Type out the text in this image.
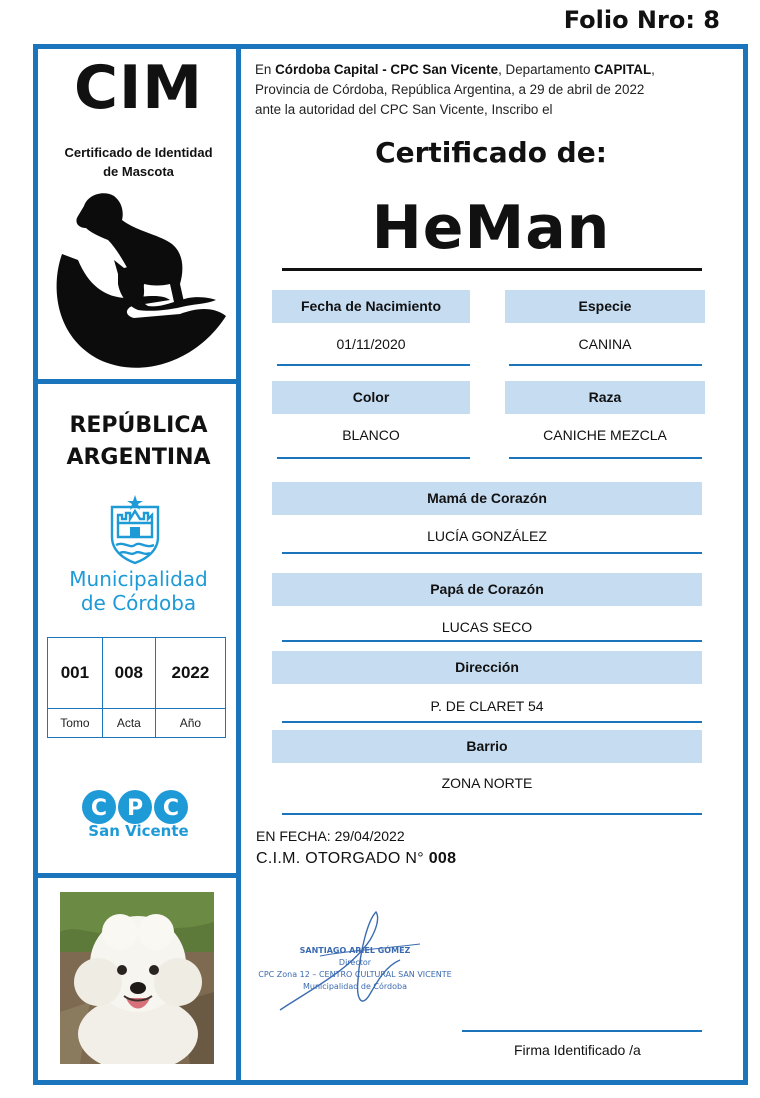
Folio Nro: 8
CIM
Certificado de Identidad
de Mascota
REPÚBLICA
ARGENTINA
Municipalidad
de Córdoba
001	008	2022
Tomo	Acta	Año
C P C
San Vicente
En Córdoba Capital - CPC San Vicente, Departamento CAPITAL,
Provincia de Córdoba, República Argentina, a 29 de abril de 2022
ante la autoridad del CPC San Vicente, Inscribo el
Certificado de:
HeMan
Fecha de Nacimiento
01/11/2020
Especie
CANINA
Color
BLANCO
Raza
CANICHE MEZCLA
Mamá de Corazón
LUCÍA GONZÁLEZ
Papá de Corazón
LUCAS SECO
Dirección
P. DE CLARET 54
Barrio
ZONA NORTE
EN FECHA: 29/04/2022
C.I.M. OTORGADO N° 008
SANTIAGO ARIEL GÓMEZ
Director
CPC Zona 12 – CENTRO CULTURAL SAN VICENTE
Municipalidad de Córdoba
Firma Identificado /a
